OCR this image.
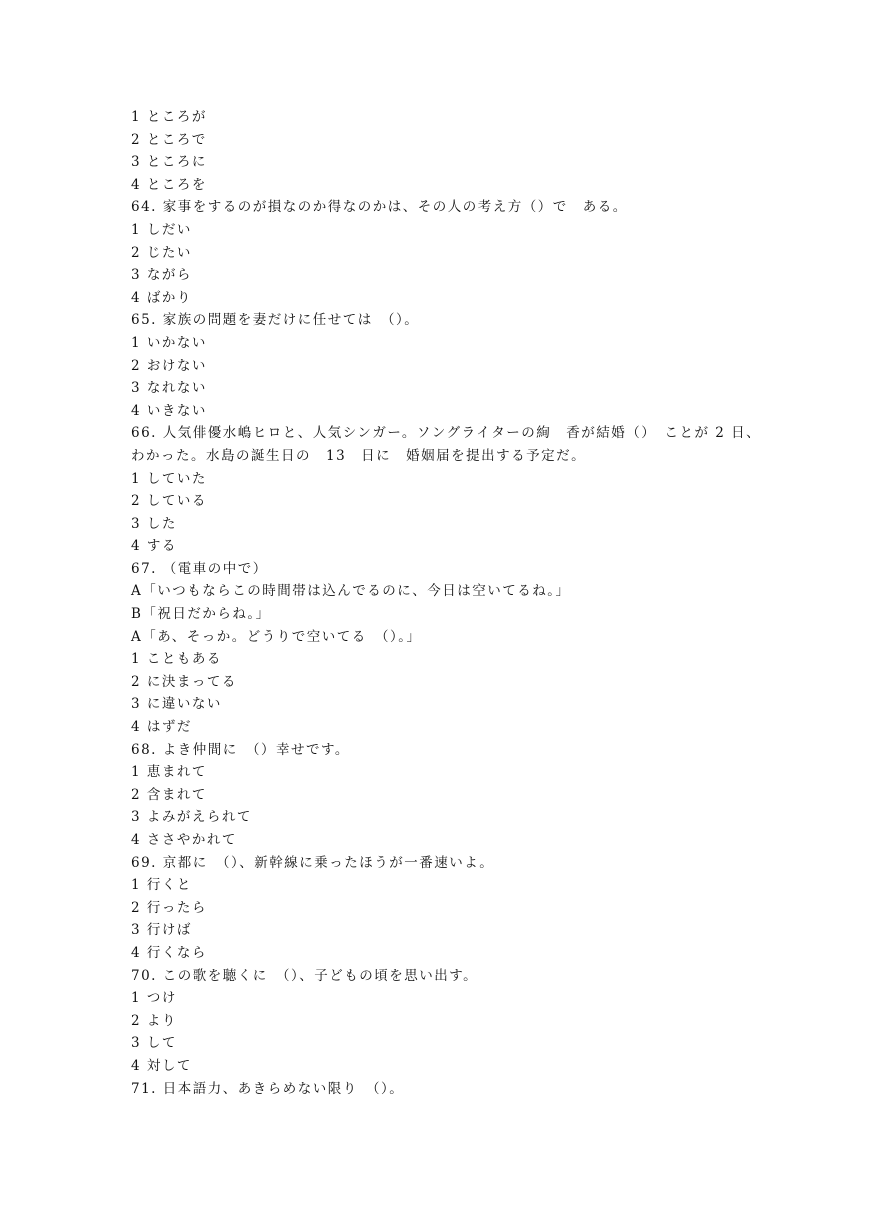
1 ところが
2 ところで
3 ところに
4 ところを
64. 家事をするのが損なのか得なのかは、その人の考え方（）で　ある。
1 しだい
2 じたい
3 ながら
4 ばかり
65. 家族の問題を妻だけに任せては　（）。
1 いかない
2 おけない
3 なれない
4 いきない
66. 人気俳優水嶋ヒロと、人気シンガー。ソングライターの絢　香が結婚（）　ことが 2 日、
わかった。水島の誕生日の　13　日に　婚姻届を提出する予定だ。
1 していた
2 している
3 した
4 する
67. （電車の中で）
A「いつもならこの時間帯は込んでるのに、今日は空いてるね。」
B「祝日だからね。」
A「あ、そっか。どうりで空いてる　（）。」
1 こともある
2 に決まってる
3 に違いない
4 はずだ
68. よき仲間に　（）幸せです。
1 恵まれて
2 含まれて
3 よみがえられて
4 ささやかれて
69. 京都に　（）、新幹線に乗ったほうが一番速いよ。
1 行くと
2 行ったら
3 行けば
4 行くなら
70. この歌を聴くに　（）、子どもの頃を思い出す。
1 つけ
2 より
3 して
4 対して
71. 日本語力、あきらめない限り　（）。
